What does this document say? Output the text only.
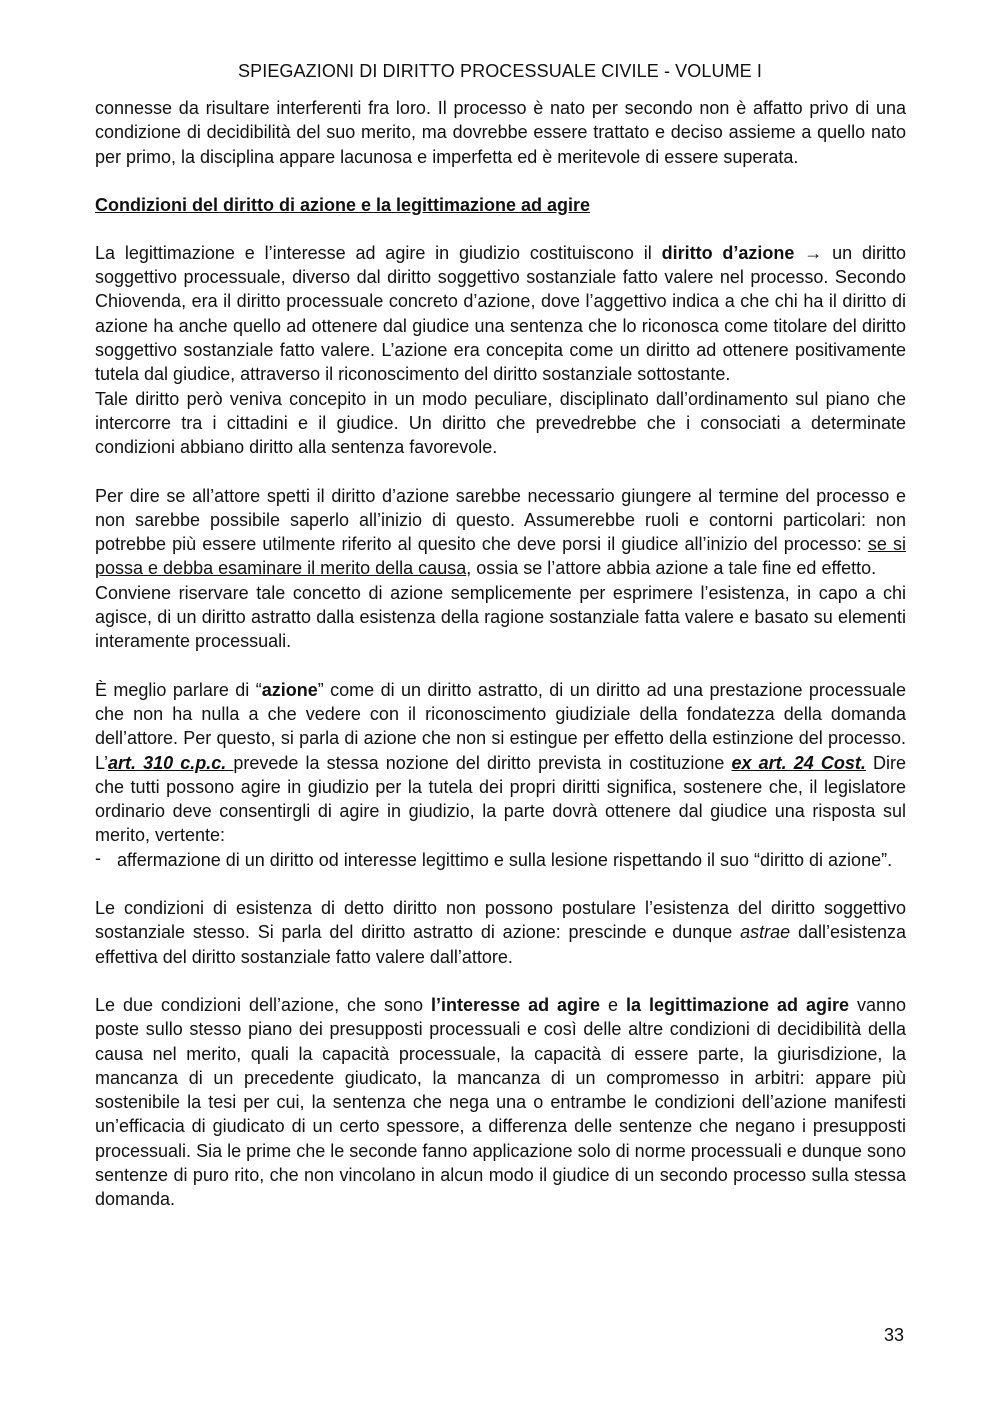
SPIEGAZIONI DI DIRITTO PROCESSUALE CIVILE - VOLUME I

connesse da risultare interferenti fra loro. Il processo è nato per secondo non è affatto privo di una condizione di decidibilità del suo merito, ma dovrebbe essere trattato e deciso assieme a quello nato per primo, la disciplina appare lacunosa e imperfetta ed è meritevole di essere superata.

Condizioni del diritto di azione e la legittimazione ad agire

La legittimazione e l’interesse ad agire in giudizio costituiscono il diritto d’azione → un diritto soggettivo processuale, diverso dal diritto soggettivo sostanziale fatto valere nel processo. Secondo Chiovenda, era il diritto processuale concreto d’azione, dove l’aggettivo indica a che chi ha il diritto di azione ha anche quello ad ottenere dal giudice una sentenza che lo riconosca come titolare del diritto soggettivo sostanziale fatto valere. L’azione era concepita come un diritto ad ottenere positivamente tutela dal giudice, attraverso il riconoscimento del diritto sostanziale sottostante.

Tale diritto però veniva concepito in un modo peculiare, disciplinato dall’ordinamento sul piano che intercorre tra i cittadini e il giudice. Un diritto che prevedrebbe che i consociati a determinate condizioni abbiano diritto alla sentenza favorevole.

Per dire se all’attore spetti il diritto d’azione sarebbe necessario giungere al termine del processo e non sarebbe possibile saperlo all’inizio di questo. Assumerebbe ruoli e contorni particolari: non potrebbe più essere utilmente riferito al quesito che deve porsi il giudice all’inizio del processo: se si possa e debba esaminare il merito della causa, ossia se l’attore abbia azione a tale fine ed effetto.

Conviene riservare tale concetto di azione semplicemente per esprimere l’esistenza, in capo a chi agisce, di un diritto astratto dalla esistenza della ragione sostanziale fatta valere e basato su elementi interamente processuali.

È meglio parlare di “azione” come di un diritto astratto, di un diritto ad una prestazione processuale che non ha nulla a che vedere con il riconoscimento giudiziale della fondatezza della domanda dell’attore. Per questo, si parla di azione che non si estingue per effetto della estinzione del processo. L’art. 310 c.p.c. prevede la stessa nozione del diritto prevista in costituzione ex art. 24 Cost. Dire che tutti possono agire in giudizio per la tutela dei propri diritti significa, sostenere che, il legislatore ordinario deve consentirgli di agire in giudizio, la parte dovrà ottenere dal giudice una risposta sul merito, vertente:

- affermazione di un diritto od interesse legittimo e sulla lesione rispettando il suo “diritto di azione”.

Le condizioni di esistenza di detto diritto non possono postulare l’esistenza del diritto soggettivo sostanziale stesso. Si parla del diritto astratto di azione: prescinde e dunque astrae dall’esistenza effettiva del diritto sostanziale fatto valere dall’attore.

Le due condizioni dell’azione, che sono l’interesse ad agire e la legittimazione ad agire vanno poste sullo stesso piano dei presupposti processuali e così delle altre condizioni di decidibilità della causa nel merito, quali la capacità processuale, la capacità di essere parte, la giurisdizione, la mancanza di un precedente giudicato, la mancanza di un compromesso in arbitri: appare più sostenibile la tesi per cui, la sentenza che nega una o entrambe le condizioni dell’azione manifesti un’efficacia di giudicato di un certo spessore, a differenza delle sentenze che negano i presupposti processuali. Sia le prime che le seconde fanno applicazione solo di norme processuali e dunque sono sentenze di puro rito, che non vincolano in alcun modo il giudice di un secondo processo sulla stessa domanda.

33
